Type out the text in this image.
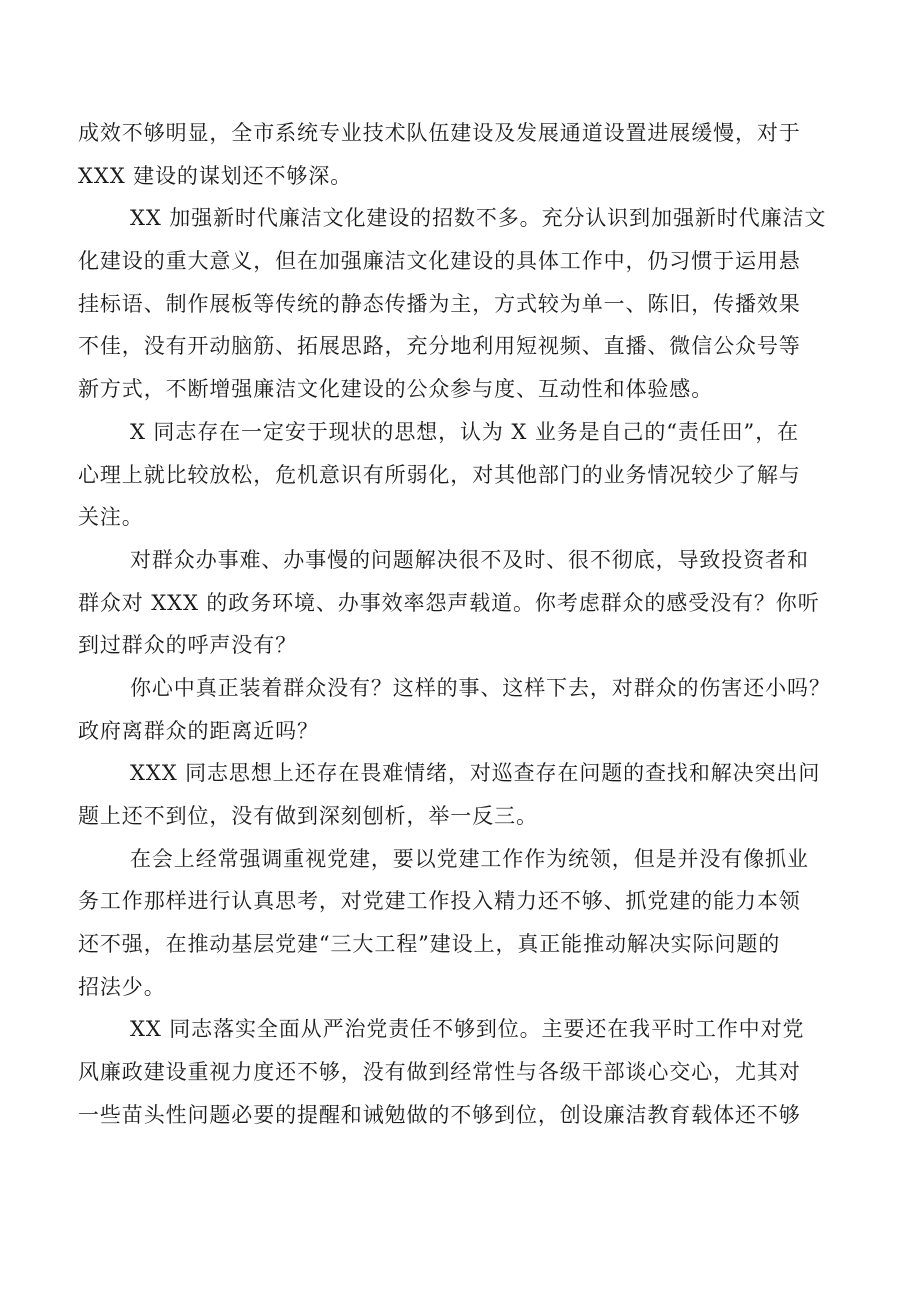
成效不够明显，全市系统专业技术队伍建设及发展通道设置进展缓慢，对于
XXX 建设的谋划还不够深。
XX 加强新时代廉洁文化建设的招数不多。充分认识到加强新时代廉洁文
化建设的重大意义，但在加强廉洁文化建设的具体工作中，仍习惯于运用悬
挂标语、制作展板等传统的静态传播为主，方式较为单一、陈旧，传播效果
不佳，没有开动脑筋、拓展思路，充分地利用短视频、直播、微信公众号等
新方式，不断增强廉洁文化建设的公众参与度、互动性和体验感。
X 同志存在一定安于现状的思想，认为 X 业务是自己的“责任田”，在
心理上就比较放松，危机意识有所弱化，对其他部门的业务情况较少了解与
关注。
对群众办事难、办事慢的问题解决很不及时、很不彻底，导致投资者和
群众对 XXX 的政务环境、办事效率怨声载道。你考虑群众的感受没有？你听
到过群众的呼声没有？
你心中真正装着群众没有？这样的事、这样下去，对群众的伤害还小吗？
政府离群众的距离近吗？
XXX 同志思想上还存在畏难情绪，对巡查存在问题的查找和解决突出问
题上还不到位，没有做到深刻刨析，举一反三。
在会上经常强调重视党建，要以党建工作作为统领，但是并没有像抓业
务工作那样进行认真思考，对党建工作投入精力还不够、抓党建的能力本领
还不强，在推动基层党建“三大工程”建设上，真正能推动解决实际问题的
招法少。
XX 同志落实全面从严治党责任不够到位。主要还在我平时工作中对党
风廉政建设重视力度还不够，没有做到经常性与各级干部谈心交心，尤其对
一些苗头性问题必要的提醒和诫勉做的不够到位，创设廉洁教育载体还不够
